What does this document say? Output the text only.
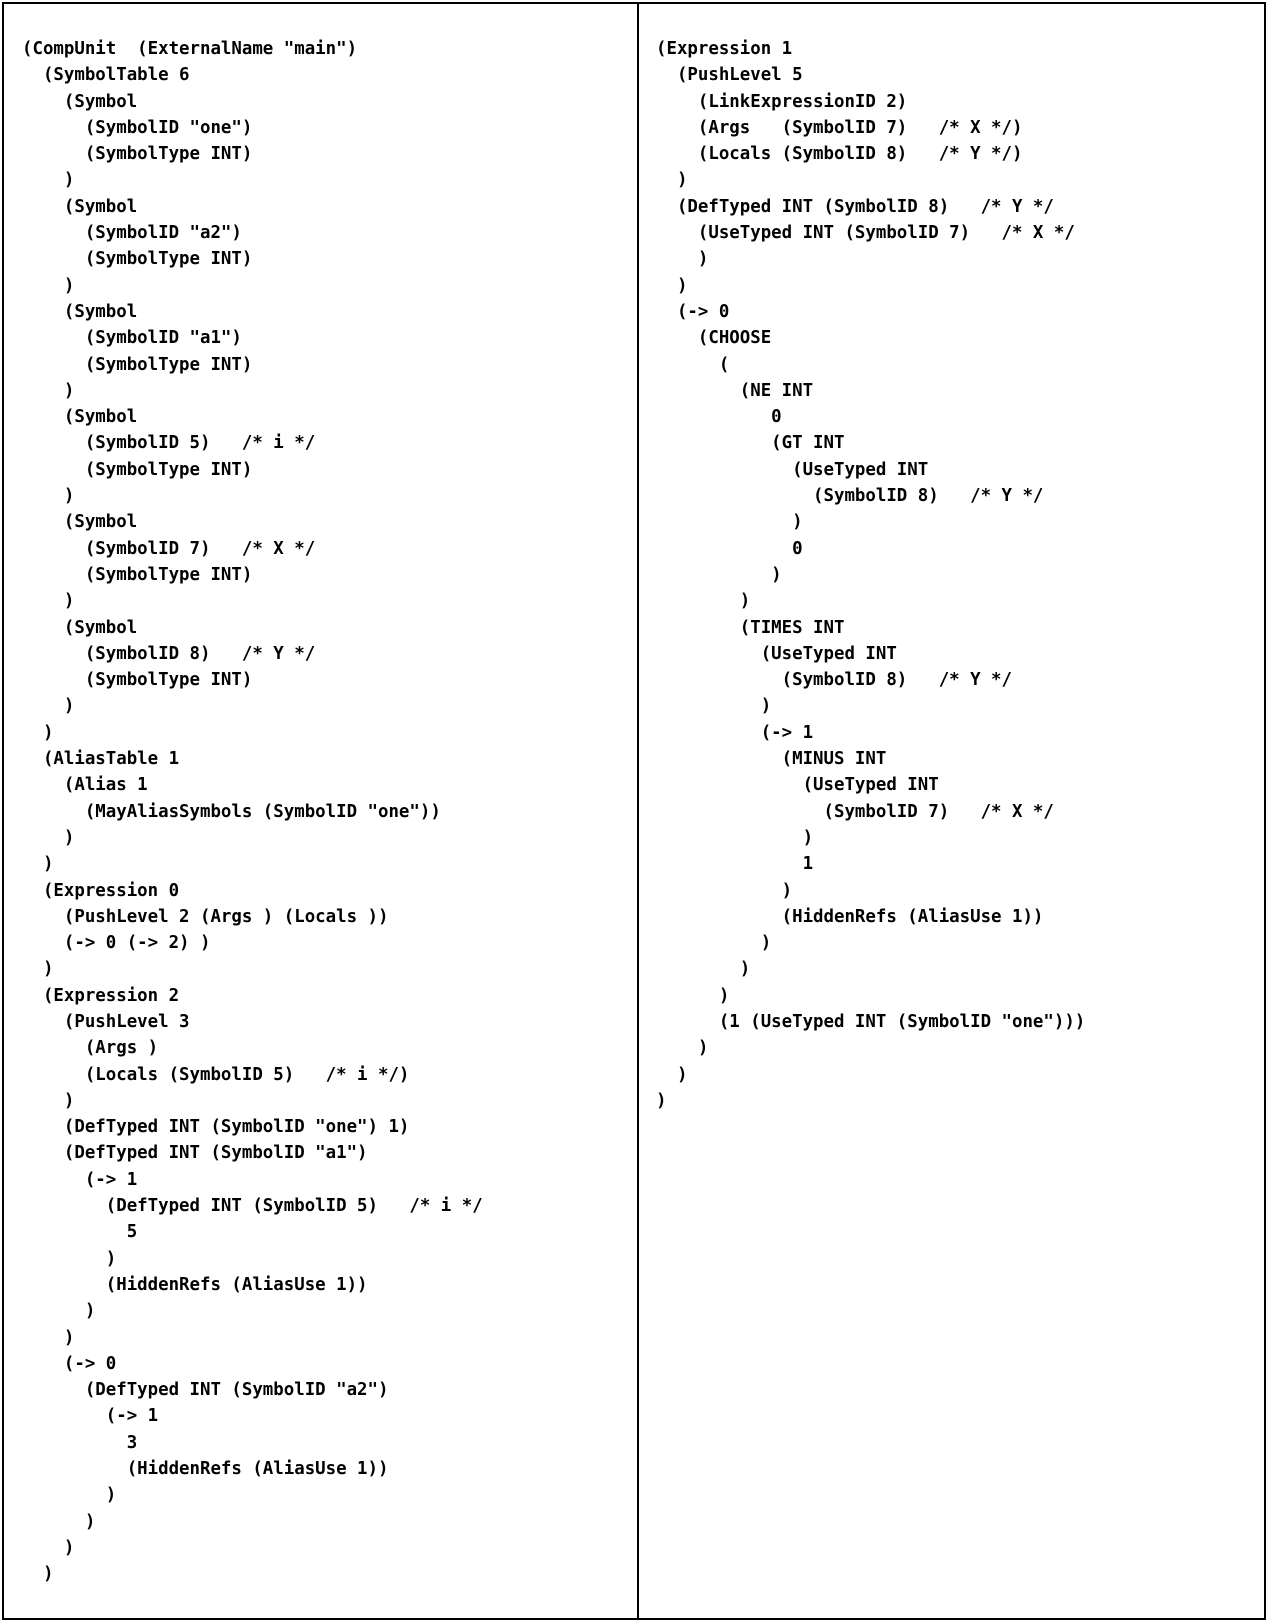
(CompUnit  (ExternalName "main")
(SymbolTable 6
(Symbol
(SymbolID "one")
(SymbolType INT)
)
(Symbol
(SymbolID "a2")
(SymbolType INT)
)
(Symbol
(SymbolID "a1")
(SymbolType INT)
)
(Symbol
(SymbolID 5)   /* i */
(SymbolType INT)
)
(Symbol
(SymbolID 7)   /* X */
(SymbolType INT)
)
(Symbol
(SymbolID 8)   /* Y */
(SymbolType INT)
)
)
(AliasTable 1
(Alias 1
(MayAliasSymbols (SymbolID "one"))
)
)
(Expression 0
(PushLevel 2 (Args ) (Locals ))
(-> 0 (-> 2) )
)
(Expression 2
(PushLevel 3
(Args )
(Locals (SymbolID 5)   /* i */)
)
(DefTyped INT (SymbolID "one") 1)
(DefTyped INT (SymbolID "a1")
(-> 1
(DefTyped INT (SymbolID 5)   /* i */
5
)
(HiddenRefs (AliasUse 1))
)
)
(-> 0
(DefTyped INT (SymbolID "a2")
(-> 1
3
(HiddenRefs (AliasUse 1))
)
)
)
)
(Expression 1
(PushLevel 5
(LinkExpressionID 2)
(Args   (SymbolID 7)   /* X */)
(Locals (SymbolID 8)   /* Y */)
)
(DefTyped INT (SymbolID 8)   /* Y */
(UseTyped INT (SymbolID 7)   /* X */
)
)
(-> 0
(CHOOSE
(
(NE INT
0
(GT INT
(UseTyped INT
(SymbolID 8)   /* Y */
)
0
)
)
(TIMES INT
(UseTyped INT
(SymbolID 8)   /* Y */
)
(-> 1
(MINUS INT
(UseTyped INT
(SymbolID 7)   /* X */
)
1
)
(HiddenRefs (AliasUse 1))
)
)
)
(1 (UseTyped INT (SymbolID "one")))
)
)
)
